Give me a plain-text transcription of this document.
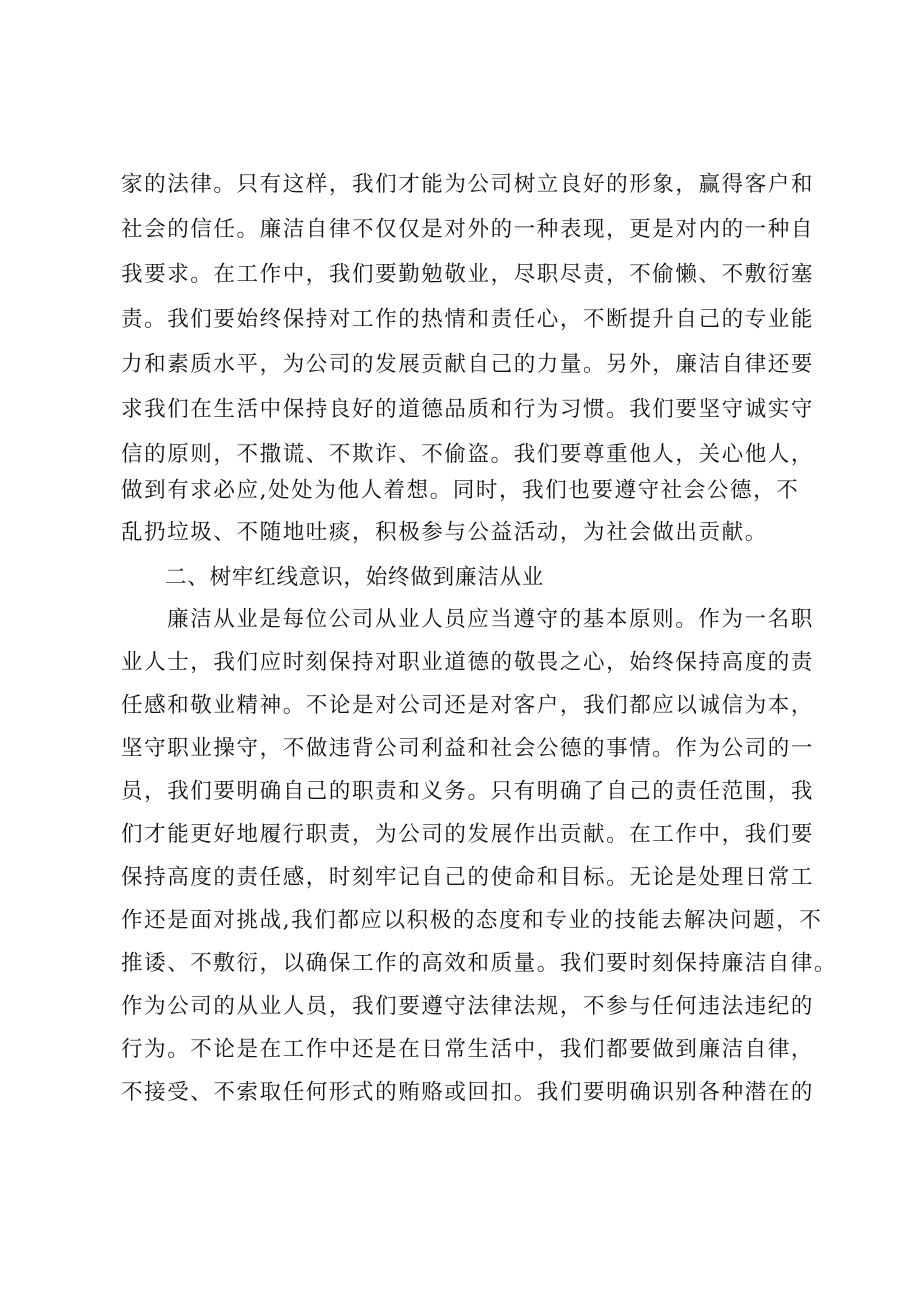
家的法律。只有这样，我们才能为公司树立良好的形象，赢得客户和
社会的信任。廉洁自律不仅仅是对外的一种表现，更是对内的一种自
我要求。在工作中，我们要勤勉敬业，尽职尽责，不偷懒、不敷衍塞
责。我们要始终保持对工作的热情和责任心，不断提升自己的专业能
力和素质水平，为公司的发展贡献自己的力量。另外，廉洁自律还要
求我们在生活中保持良好的道德品质和行为习惯。我们要坚守诚实守
信的原则，不撒谎、不欺诈、不偷盗。我们要尊重他人，关心他人，
做到有求必应,处处为他人着想。同时，我们也要遵守社会公德，不
乱扔垃圾、不随地吐痰，积极参与公益活动，为社会做出贡献。
二、树牢红线意识，始终做到廉洁从业
廉洁从业是每位公司从业人员应当遵守的基本原则。作为一名职
业人士，我们应时刻保持对职业道德的敬畏之心，始终保持高度的责
任感和敬业精神。不论是对公司还是对客户，我们都应以诚信为本，
坚守职业操守，不做违背公司利益和社会公德的事情。作为公司的一
员，我们要明确自己的职责和义务。只有明确了自己的责任范围，我
们才能更好地履行职责，为公司的发展作出贡献。在工作中，我们要
保持高度的责任感，时刻牢记自己的使命和目标。无论是处理日常工
作还是面对挑战,我们都应以积极的态度和专业的技能去解决问题，不
推诿、不敷衍，以确保工作的高效和质量。我们要时刻保持廉洁自律。
作为公司的从业人员，我们要遵守法律法规，不参与任何违法违纪的
行为。不论是在工作中还是在日常生活中，我们都要做到廉洁自律，
不接受、不索取任何形式的贿赂或回扣。我们要明确识别各种潜在的
